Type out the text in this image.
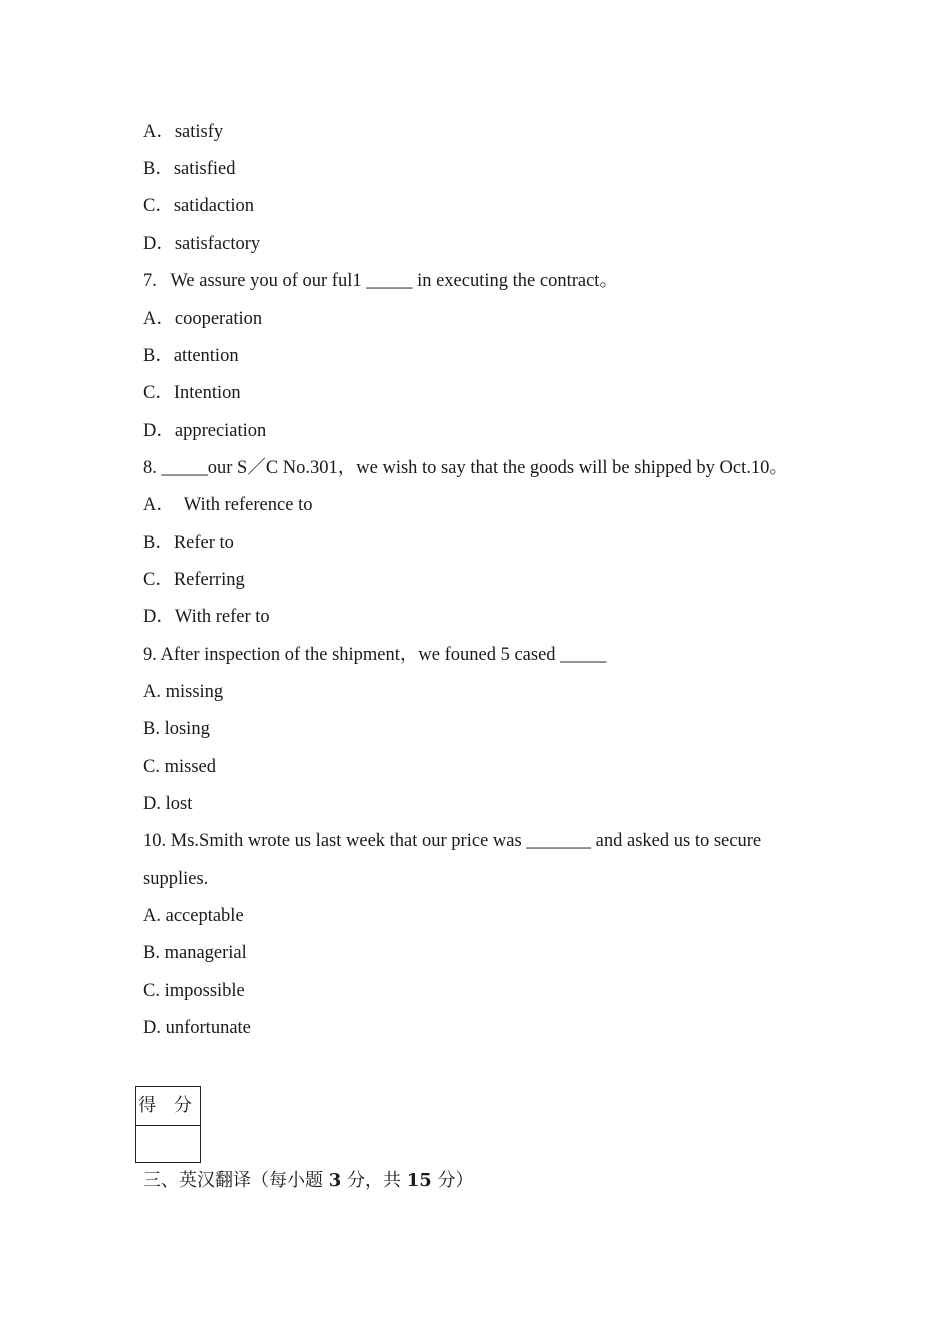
A．satisfy
B．satisfied
C．satidaction
D．satisfactory
7.   We assure you of our ful1 _____ in executing the contract。
A．cooperation
B．attention
C．Intention
D．appreciation
8. _____our S／C No.301，we wish to say that the goods will be shipped by Oct.10。
A．  With reference to
B．Refer to
C．Referring
D．With refer to
9. After inspection of the shipment，we founed 5 cased _____
A. missing
B. losing
C. missed
D. lost
10. Ms.Smith wrote us last week that our price was _______ and asked us to secure
supplies.
A. acceptable
B. managerial
C. impossible
D. unfortunate
得 分
三、英汉翻译（每小题 3 分，共 15 分）
